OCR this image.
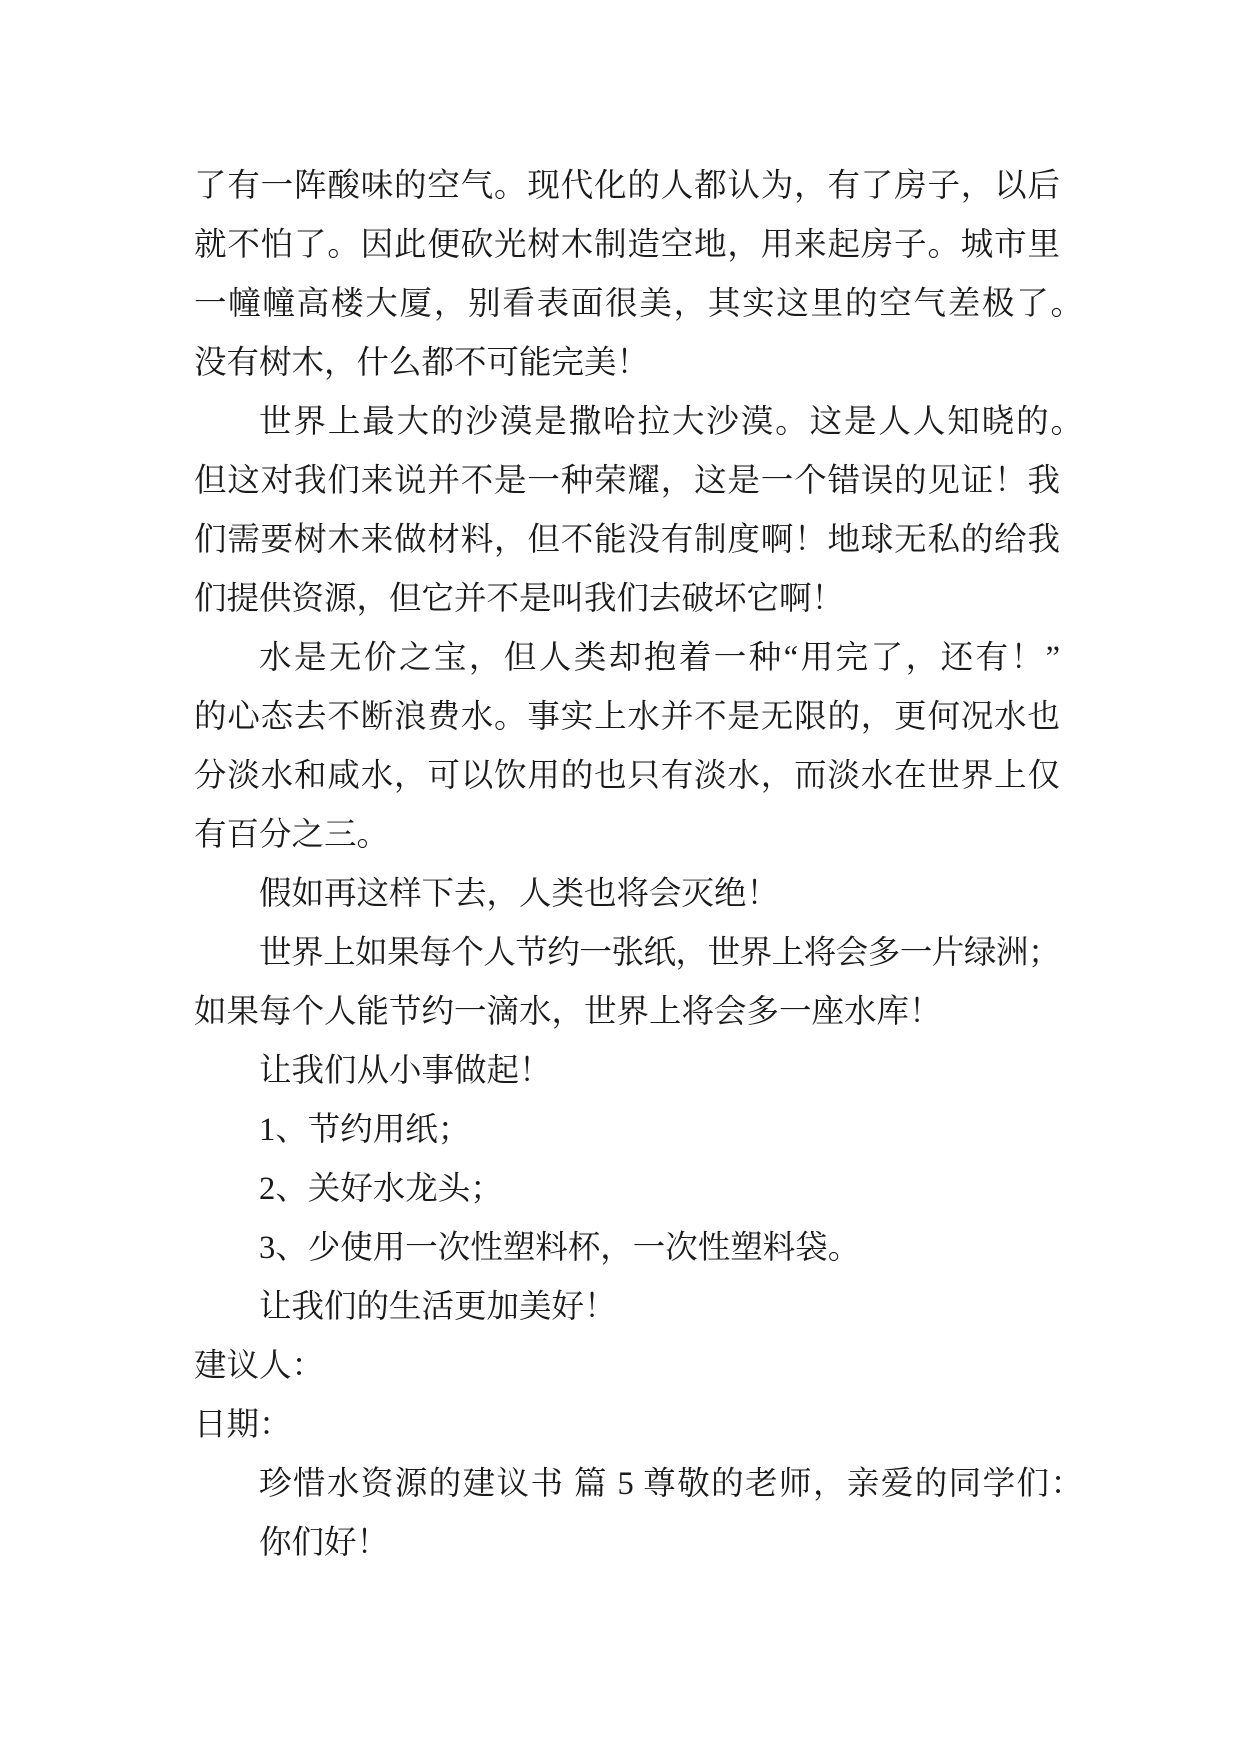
了有一阵酸味的空气。现代化的人都认为，有了房子，以后
就不怕了。因此便砍光树木制造空地，用来起房子。城市里
一幢幢高楼大厦，别看表面很美，其实这里的空气差极了。
没有树木，什么都不可能完美！
世界上最大的沙漠是撒哈拉大沙漠。这是人人知晓的。
但这对我们来说并不是一种荣耀，这是一个错误的见证！我
们需要树木来做材料，但不能没有制度啊！地球无私的给我
们提供资源，但它并不是叫我们去破坏它啊！
水是无价之宝，但人类却抱着一种“用完了，还有！”
的心态去不断浪费水。事实上水并不是无限的，更何况水也
分淡水和咸水，可以饮用的也只有淡水，而淡水在世界上仅
有百分之三。
假如再这样下去，人类也将会灭绝！
世界上如果每个人节约一张纸，世界上将会多一片绿洲；
如果每个人能节约一滴水，世界上将会多一座水库！
让我们从小事做起！
1、节约用纸；
2、关好水龙头；
3、少使用一次性塑料杯，一次性塑料袋。
让我们的生活更加美好！
建议人：
日期：
珍惜水资源的建议书 篇 5 尊敬的老师，亲爱的同学们：
你们好！
